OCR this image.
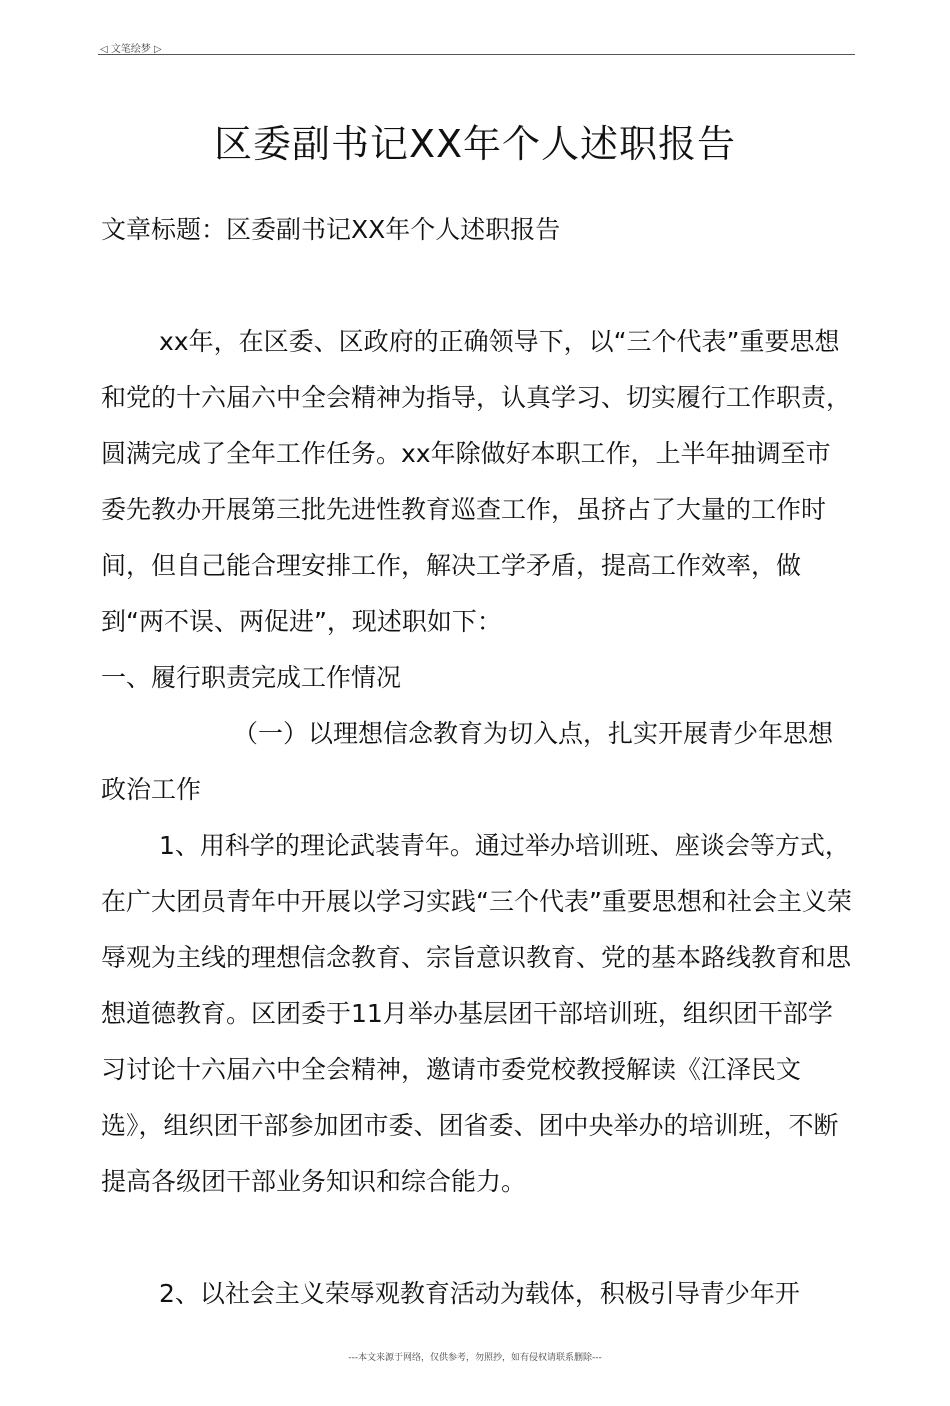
◁ 文笔绘梦 ▷
区委副书记XX年个人述职报告

文章标题：区委副书记XX年个人述职报告

xx年，在区委、区政府的正确领导下，以“三个代表”重要思想和党的十六届六中全会精神为指导，认真学习、切实履行工作职责，圆满完成了全年工作任务。xx年除做好本职工作，上半年抽调至市委先教办开展第三批先进性教育巡查工作，虽挤占了大量的工作时间，但自己能合理安排工作，解决工学矛盾，提高工作效率，做到“两不误、两促进”，现述职如下：

一、履行职责完成工作情况

（一）以理想信念教育为切入点，扎实开展青少年思想政治工作

1、用科学的理论武装青年。通过举办培训班、座谈会等方式，在广大团员青年中开展以学习实践“三个代表”重要思想和社会主义荣辱观为主线的理想信念教育、宗旨意识教育、党的基本路线教育和思想道德教育。区团委于11月举办基层团干部培训班，组织团干部学习讨论十六届六中全会精神，邀请市委党校教授解读《江泽民文选》，组织团干部参加团市委、团省委、团中央举办的培训班，不断提高各级团干部业务知识和综合能力。

2、以社会主义荣辱观教育活动为载体，积极引导青少年开

---本文来源于网络，仅供参考，勿照抄，如有侵权请联系删除---
